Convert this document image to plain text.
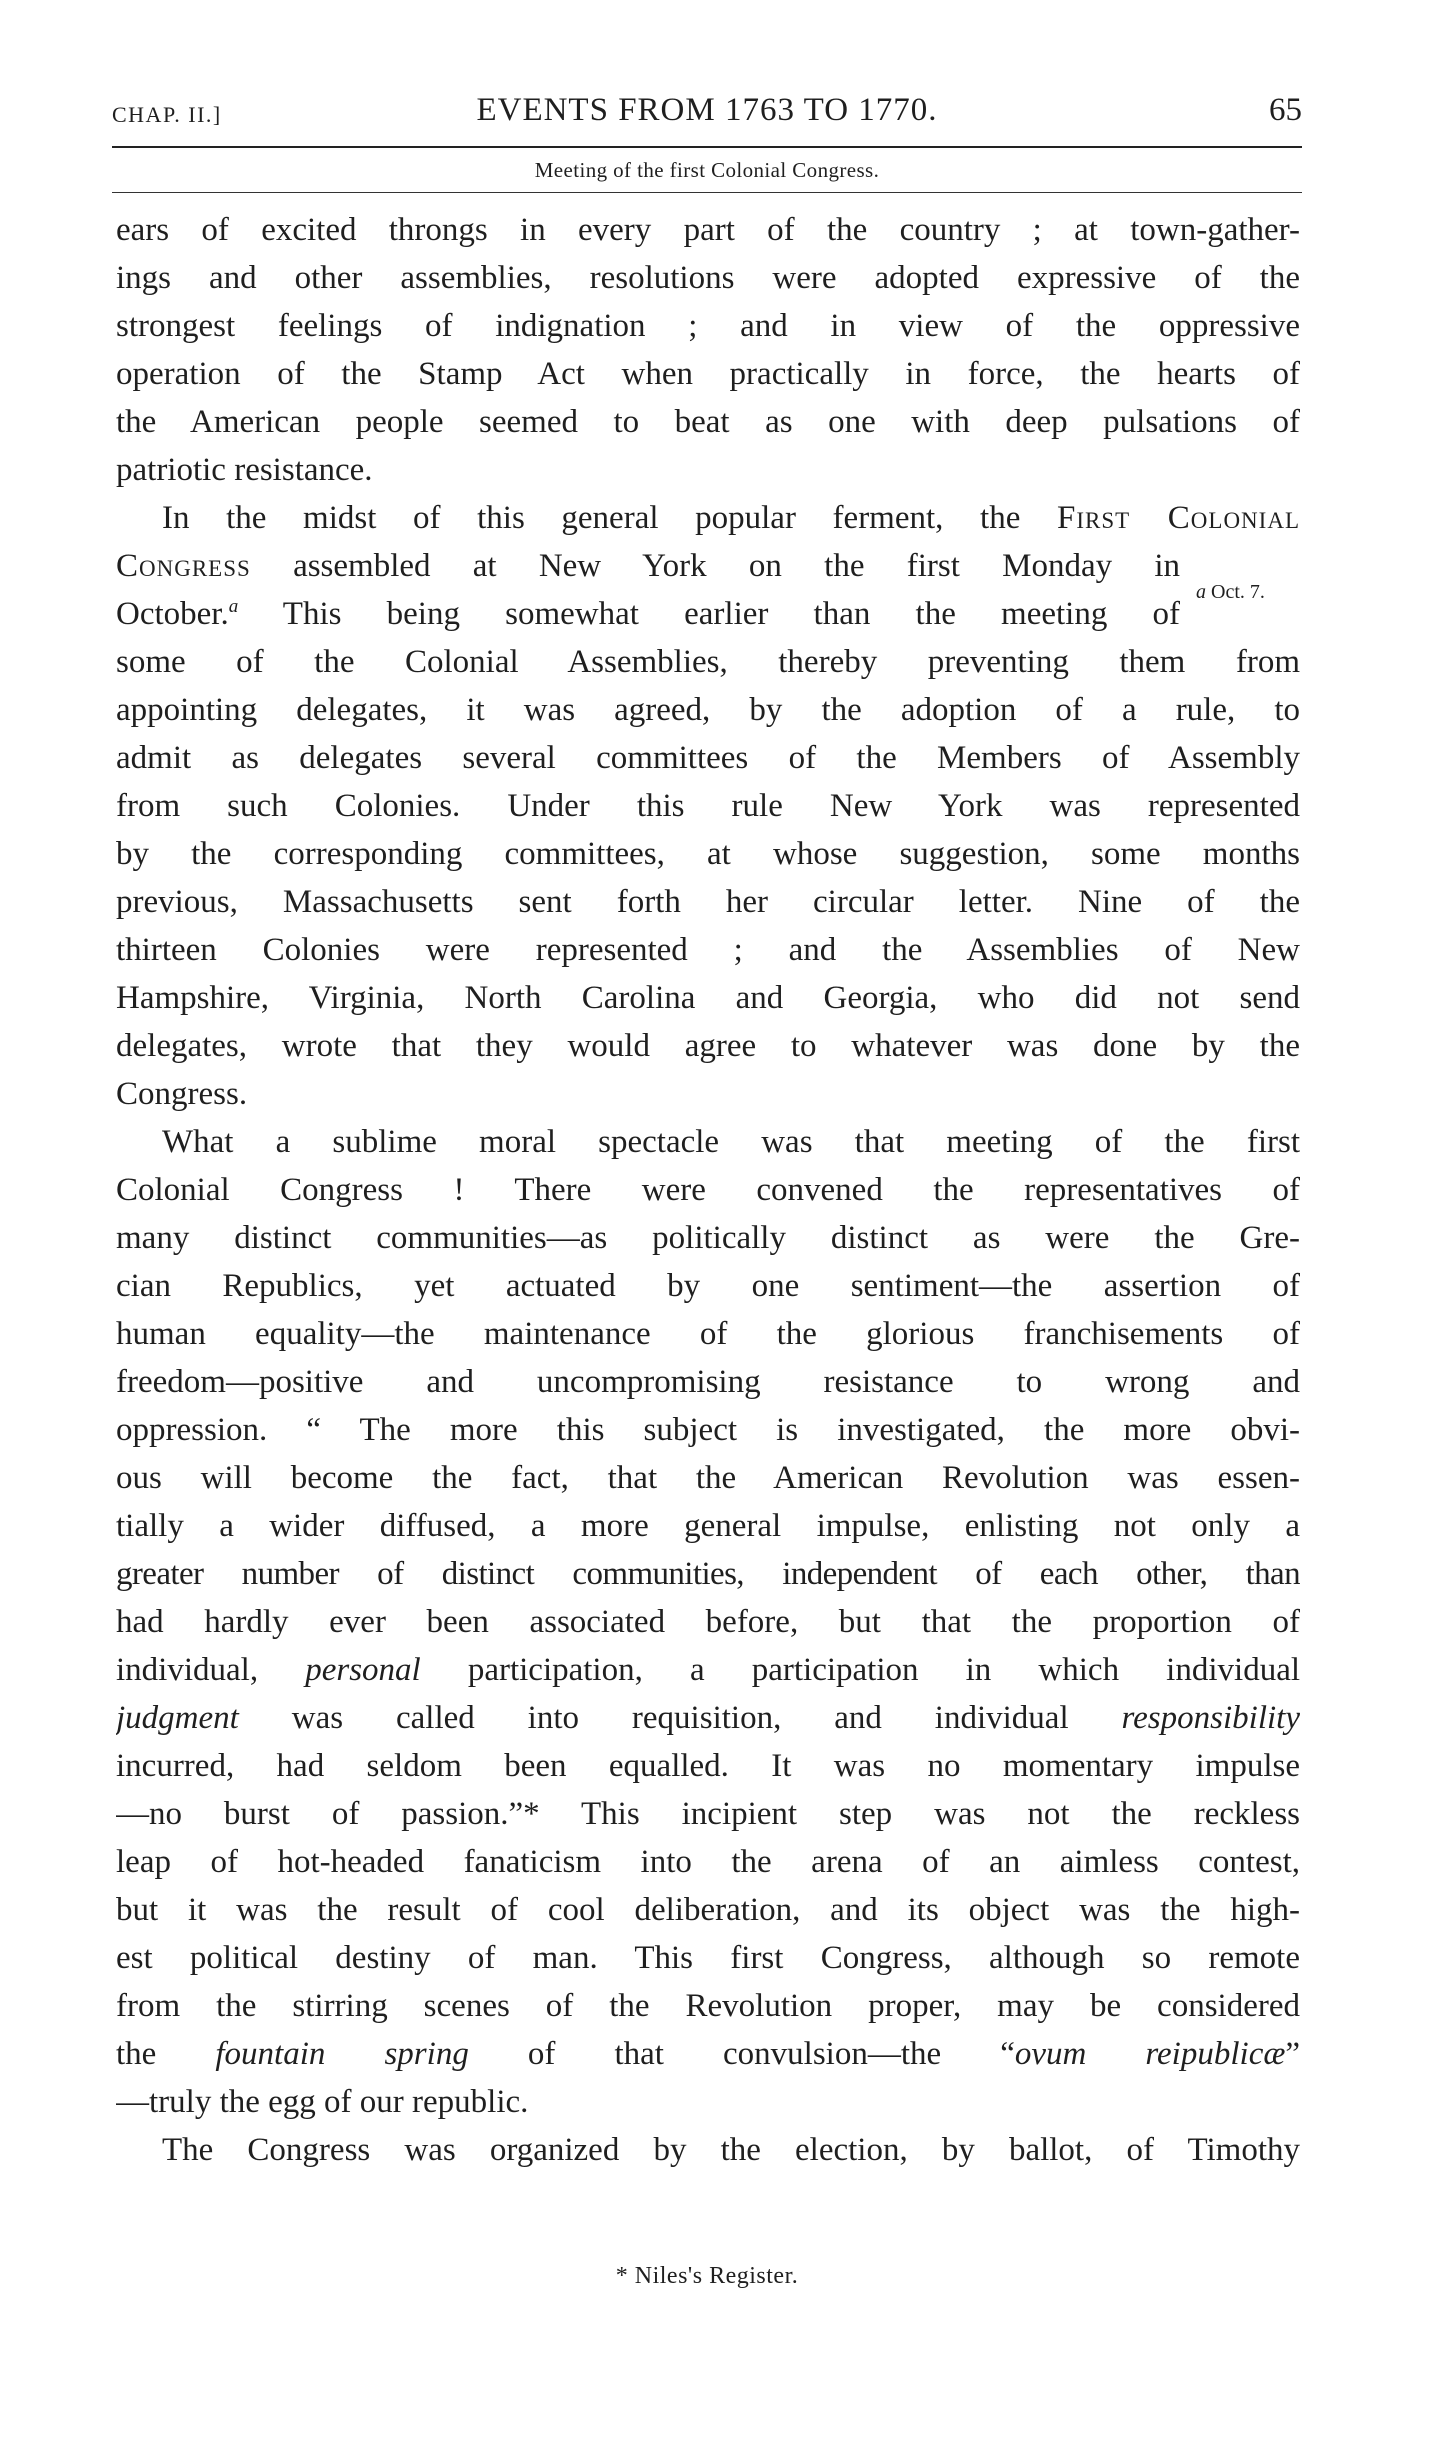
CHAP. II.]	EVENTS FROM 1763 TO 1770.	65
Meeting of the first Colonial Congress.
a Oct. 7.
ears of excited throngs in every part of the country ; at town-gather-
ings and other assemblies, resolutions were adopted expressive of the
strongest feelings of indignation ; and in view of the oppressive
operation of the Stamp Act when practically in force, the hearts of
the American people seemed to beat as one with deep pulsations of
patriotic resistance.
In the midst of this general popular ferment, the First Colonial
Congress assembled at New York on the first Monday in
October.$^a$ This being somewhat earlier than the meeting of
some of the Colonial Assemblies, thereby preventing them from
appointing delegates, it was agreed, by the adoption of a rule, to
admit as delegates several committees of the Members of Assembly
from such Colonies. Under this rule New York was represented
by the corresponding committees, at whose suggestion, some months
previous, Massachusetts sent forth her circular letter. Nine of the
thirteen Colonies were represented ; and the Assemblies of New
Hampshire, Virginia, North Carolina and Georgia, who did not send
delegates, wrote that they would agree to whatever was done by the
Congress.
What a sublime moral spectacle was that meeting of the first
Colonial Congress ! There were convened the representatives of
many distinct communities—as politically distinct as were the Gre-
cian Republics, yet actuated by one sentiment—the assertion of
human equality—the maintenance of the glorious franchisements of
freedom—positive and uncompromising resistance to wrong and
oppression. “ The more this subject is investigated, the more obvi-
ous will become the fact, that the American Revolution was essen-
tially a wider diffused, a more general impulse, enlisting not only a
greater number of distinct communities, independent of each other, than
had hardly ever been associated before, but that the proportion of
individual, personal participation, a participation in which individual
judgment was called into requisition, and individual responsibility
incurred, had seldom been equalled. It was no momentary impulse
—no burst of passion.”* This incipient step was not the reckless
leap of hot-headed fanaticism into the arena of an aimless contest,
but it was the result of cool deliberation, and its object was the high-
est political destiny of man. This first Congress, although so remote
from the stirring scenes of the Revolution proper, may be considered
the fountain spring of that convulsion—the “ovum reipublicæ”
—truly the egg of our republic.
The Congress was organized by the election, by ballot, of Timothy
* Niles's Register.
